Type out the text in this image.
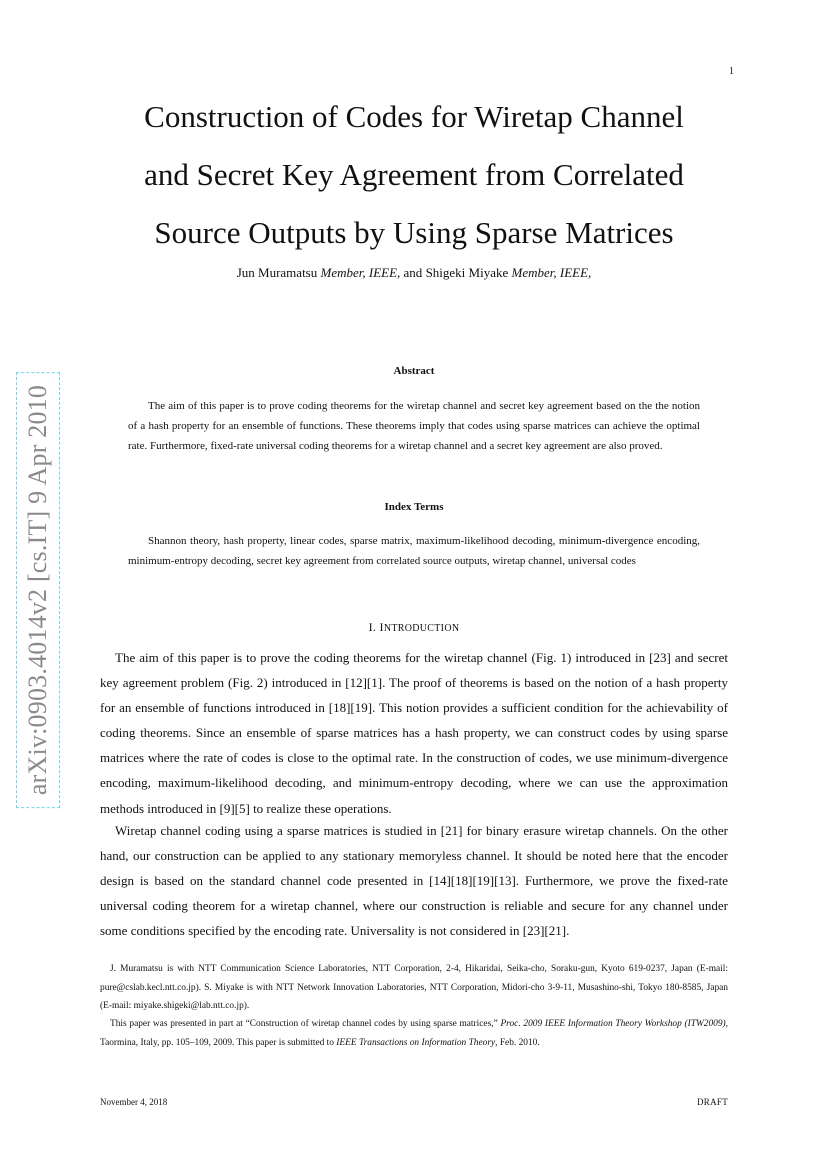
1
arXiv:0903.4014v2 [cs.IT] 9 Apr 2010
Construction of Codes for Wiretap Channel
and Secret Key Agreement from Correlated
Source Outputs by Using Sparse Matrices
Jun Muramatsu Member, IEEE, and Shigeki Miyake Member, IEEE,
Abstract
The aim of this paper is to prove coding theorems for the wiretap channel and secret key agreement based on the the notion of a hash property for an ensemble of functions. These theorems imply that codes using sparse matrices can achieve the optimal rate. Furthermore, fixed-rate universal coding theorems for a wiretap channel and a secret key agreement are also proved.
Index Terms
Shannon theory, hash property, linear codes, sparse matrix, maximum-likelihood decoding, minimum-divergence encoding, minimum-entropy decoding, secret key agreement from correlated source outputs, wiretap channel, universal codes
I. INTRODUCTION

The aim of this paper is to prove the coding theorems for the wiretap channel (Fig. 1) introduced in [23] and secret key agreement problem (Fig. 2) introduced in [12][1]. The proof of theorems is based on the notion of a hash property for an ensemble of functions introduced in [18][19]. This notion provides a sufficient condition for the achievability of coding theorems. Since an ensemble of sparse matrices has a hash property, we can construct codes by using sparse matrices where the rate of codes is close to the optimal rate. In the construction of codes, we use minimum-divergence encoding, maximum-likelihood decoding, and minimum-entropy decoding, where we can use the approximation methods introduced in [9][5] to realize these operations.

Wiretap channel coding using a sparse matrices is studied in [21] for binary erasure wiretap channels. On the other hand, our construction can be applied to any stationary memoryless channel. It should be noted here that the encoder design is based on the standard channel code presented in [14][18][19][13]. Furthermore, we prove the fixed-rate universal coding theorem for a wiretap channel, where our construction is reliable and secure for any channel under some conditions specified by the encoding rate. Universality is not considered in [23][21].

J. Muramatsu is with NTT Communication Science Laboratories, NTT Corporation, 2-4, Hikaridai, Seika-cho, Soraku-gun, Kyoto 619-0237, Japan (E-mail: pure@cslab.kecl.ntt.co.jp). S. Miyake is with NTT Network Innovation Laboratories, NTT Corporation, Midori-cho 3-9-11, Musashino-shi, Tokyo 180-8585, Japan (E-mail: miyake.shigeki@lab.ntt.co.jp).

This paper was presented in part at “Construction of wiretap channel codes by using sparse matrices,” Proc. 2009 IEEE Information Theory Workshop (ITW2009), Taormina, Italy, pp. 105–109, 2009. This paper is submitted to IEEE Transactions on Information Theory, Feb. 2010.

November 4, 2018	DRAFT
